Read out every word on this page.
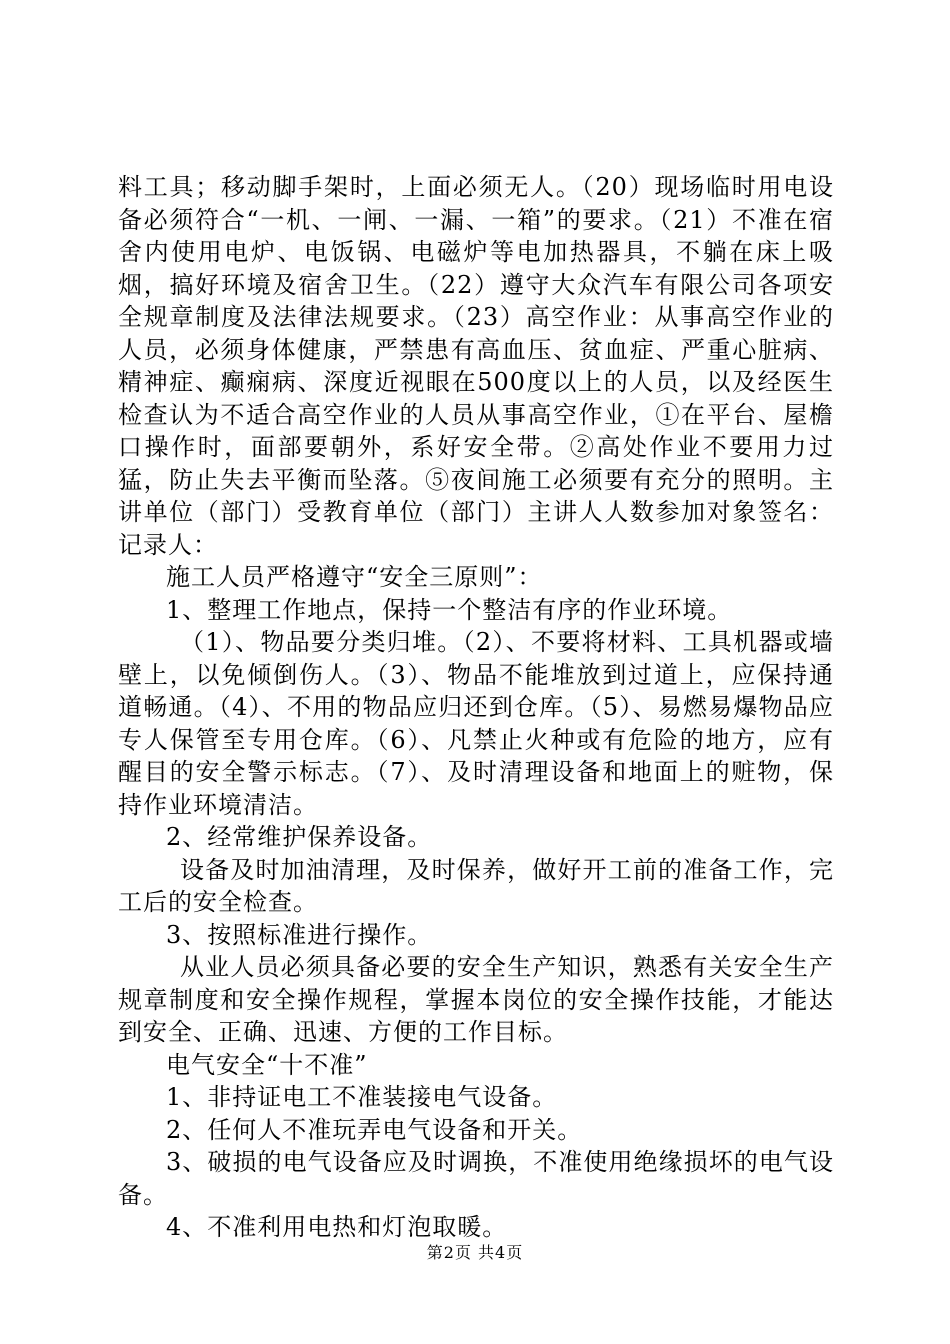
料工具；移动脚手架时，上面必须无人。（20）现场临时用电设备必须符合“一机、一闸、一漏、一箱”的要求。（21）不准在宿舍内使用电炉、电饭锅、电磁炉等电加热器具，不躺在床上吸烟，搞好环境及宿舍卫生。（22）遵守大众汽车有限公司各项安全规章制度及法律法规要求。（23）高空作业：从事高空作业的人员，必须身体健康，严禁患有高血压、贫血症、严重心脏病、精神症、癫痫病、深度近视眼在500度以上的人员，以及经医生检查认为不适合高空作业的人员从事高空作业，①在平台、屋檐口操作时，面部要朝外，系好安全带。②高处作业不要用力过猛，防止失去平衡而坠落。⑤夜间施工必须要有充分的照明。主讲单位（部门）受教育单位（部门）主讲人人数参加对象签名：记录人：

施工人员严格遵守“安全三原则”：

1、整理工作地点，保持一个整洁有序的作业环境。

（1）、物品要分类归堆。（2）、不要将材料、工具机器或墙壁上，以免倾倒伤人。（3）、物品不能堆放到过道上，应保持通道畅通。（4）、不用的物品应归还到仓库。（5）、易燃易爆物品应专人保管至专用仓库。（6）、凡禁止火种或有危险的地方，应有醒目的安全警示标志。（7）、及时清理设备和地面上的赃物，保持作业环境清洁。

2、经常维护保养设备。

设备及时加油清理，及时保养，做好开工前的准备工作，完工后的安全检查。

3、按照标准进行操作。

从业人员必须具备必要的安全生产知识，熟悉有关安全生产规章制度和安全操作规程，掌握本岗位的安全操作技能，才能达到安全、正确、迅速、方便的工作目标。

电气安全“十不准”

1、非持证电工不准装接电气设备。

2、任何人不准玩弄电气设备和开关。

3、破损的电气设备应及时调换，不准使用绝缘损坏的电气设备。

4、不准利用电热和灯泡取暖。

第2页 共4页
